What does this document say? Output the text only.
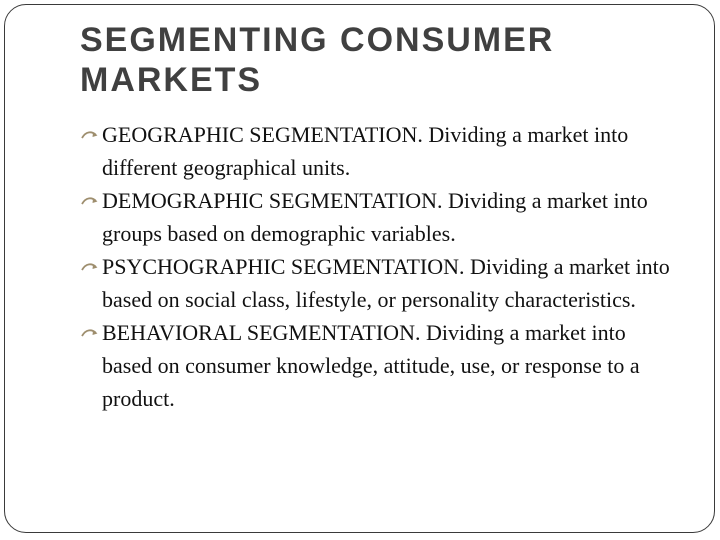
SEGMENTING CONSUMER MARKETS
GEOGRAPHIC SEGMENTATION. Dividing a market into different geographical units.
DEMOGRAPHIC SEGMENTATION. Dividing a market into groups based on demographic variables.
PSYCHOGRAPHIC SEGMENTATION. Dividing a market into based on social class, lifestyle, or personality characteristics.
BEHAVIORAL SEGMENTATION. Dividing a market into based on consumer knowledge, attitude, use, or response to a product.
